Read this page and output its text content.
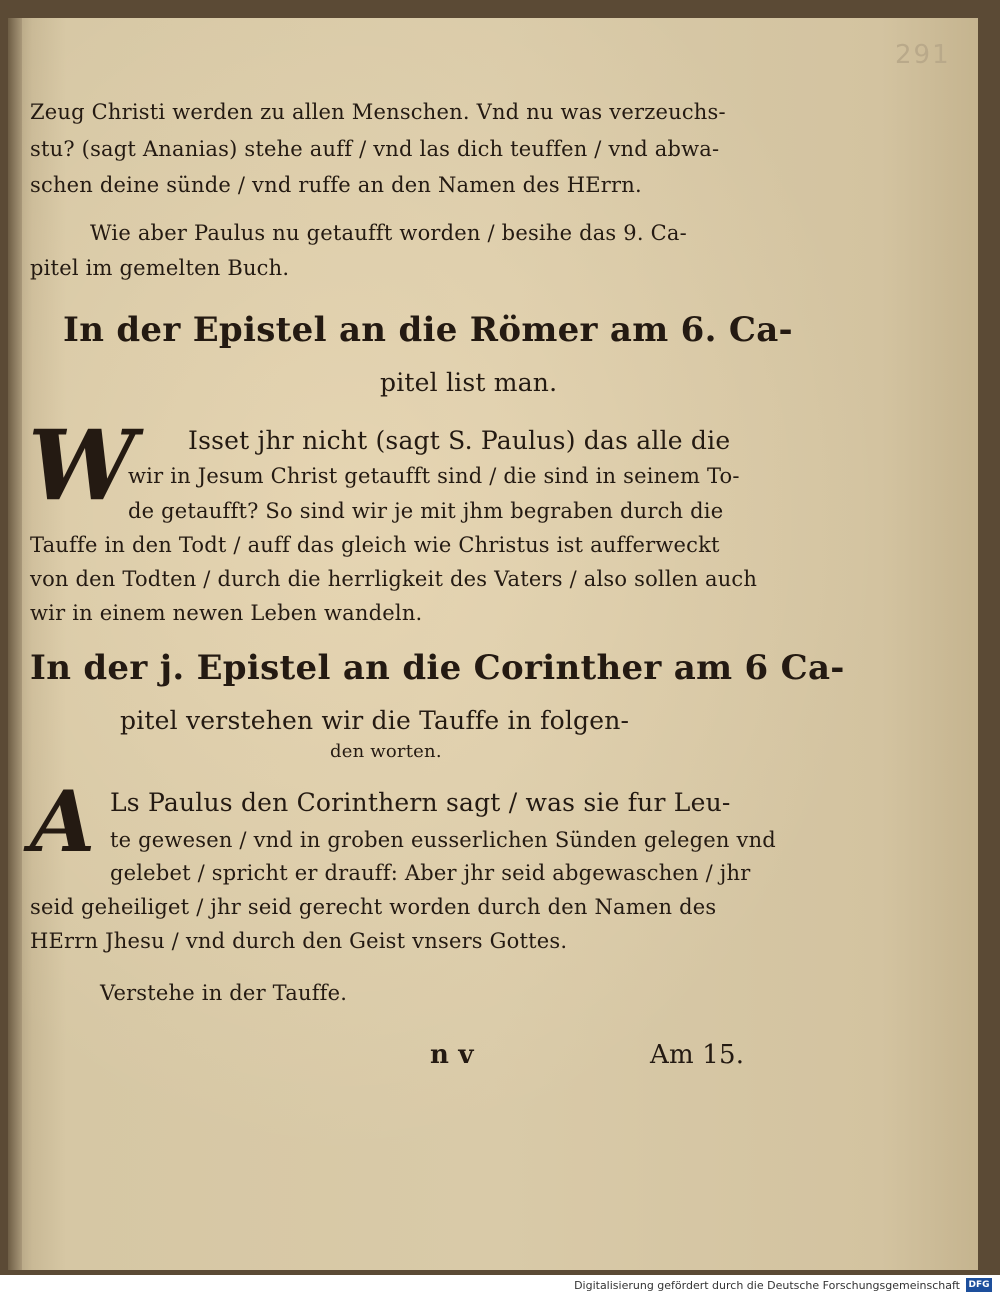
291
Zeug Christi werden zu allen Menschen. Vnd nu was verzeuchs-
stu? (sagt Ananias) stehe auff / vnd las dich teuffen / vnd abwa-
schen deine sünde / vnd ruffe an den Namen des HErrn.
Wie aber Paulus nu getaufft worden / besihe das 9. Ca-
pitel im gemelten Buch.
In der Epistel an die Römer am 6. Ca-
pitel list man.
W Isset jhr nicht (sagt S. Paulus) das alle die
wir in Jesum Christ getaufft sind / die sind in seinem To-
de getaufft? So sind wir je mit jhm begraben durch die
Tauffe in den Todt / auff das gleich wie Christus ist aufferweckt
von den Todten / durch die herrligkeit des Vaters / also sollen auch
wir in einem newen Leben wandeln.
In der j. Epistel an die Corinther am 6 Ca-
pitel verstehen wir die Tauffe in folgen-
den worten.
A Ls Paulus den Corinthern sagt / was sie fur Leu-
te gewesen / vnd in groben eusserlichen Sünden gelegen vnd
gelebet / spricht er drauff: Aber jhr seid abgewaschen / jhr
seid geheiliget / jhr seid gerecht worden durch den Namen des
HErrn Jhesu / vnd durch den Geist vnsers Gottes.
Verstehe in der Tauffe.
n v	Am 15.
Digitalisierung gefördert durch die Deutsche Forschungsgemeinschaft DFG
